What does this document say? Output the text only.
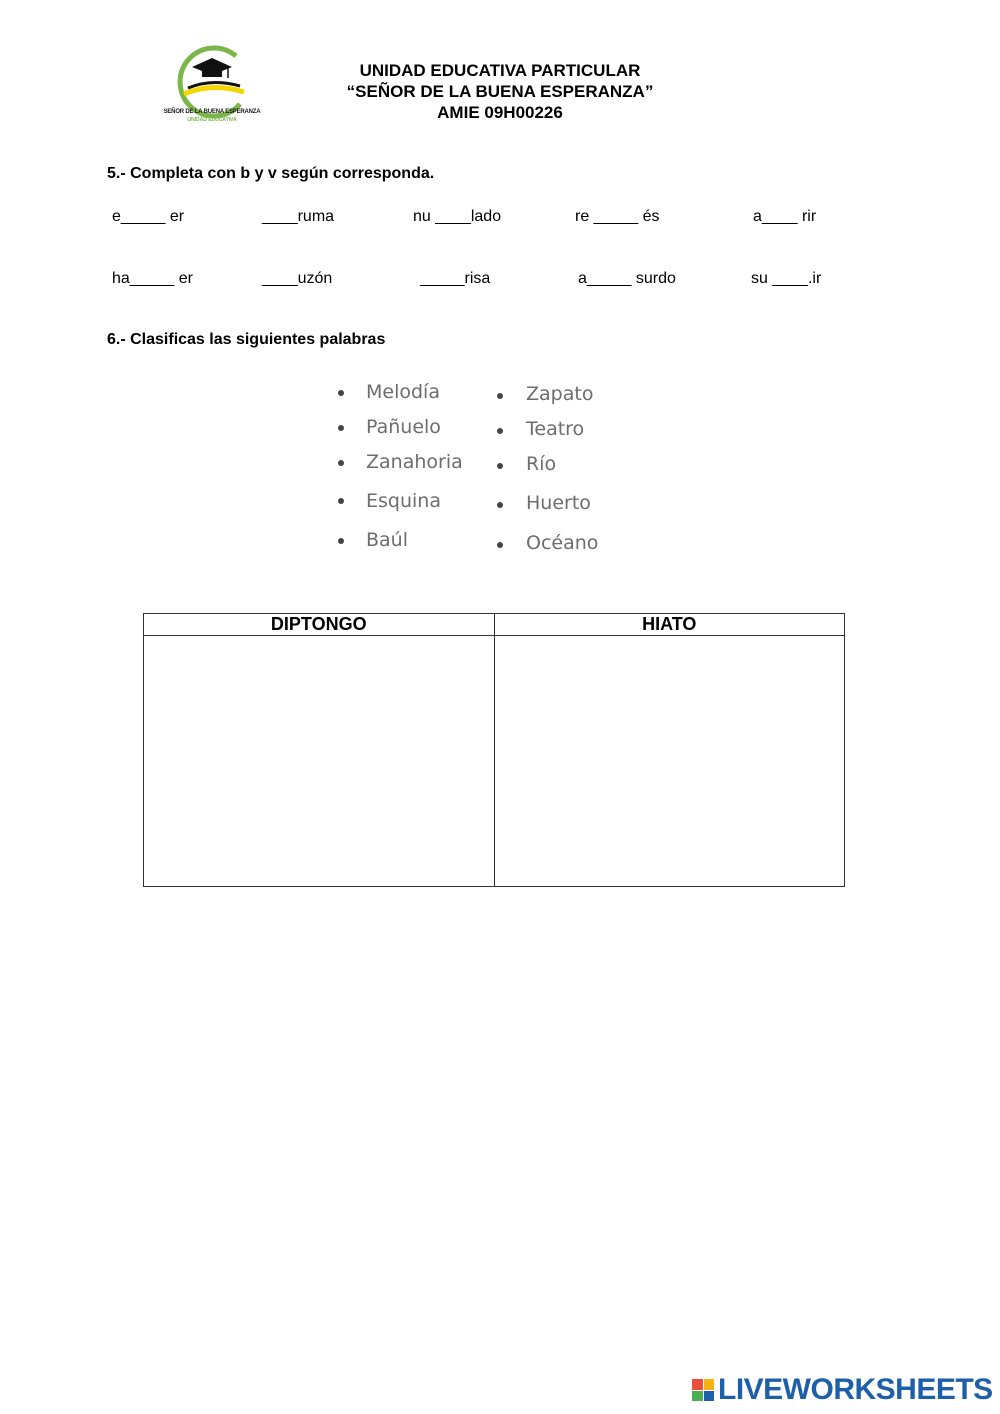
SEÑOR DE LA BUENA ESPERANZA
UNIDAD EDUCATIVA
UNIDAD EDUCATIVA PARTICULAR
“SEÑOR DE LA BUENA ESPERANZA”
AMIE 09H00226
5.- Completa con b y v según corresponda.
e_____ er	____ruma	nu ____lado	re _____ és	a____ rir
ha_____ er	____uzón	_____risa	a_____ surdo	su ____.ir
6.- Clasificas las siguientes palabras
Melodía
Pañuelo
Zanahoria
Esquina
Baúl
Zapato
Teatro
Río
Huerto
Océano
DIPTONGO	HIATO

LIVEWORKSHEETS
